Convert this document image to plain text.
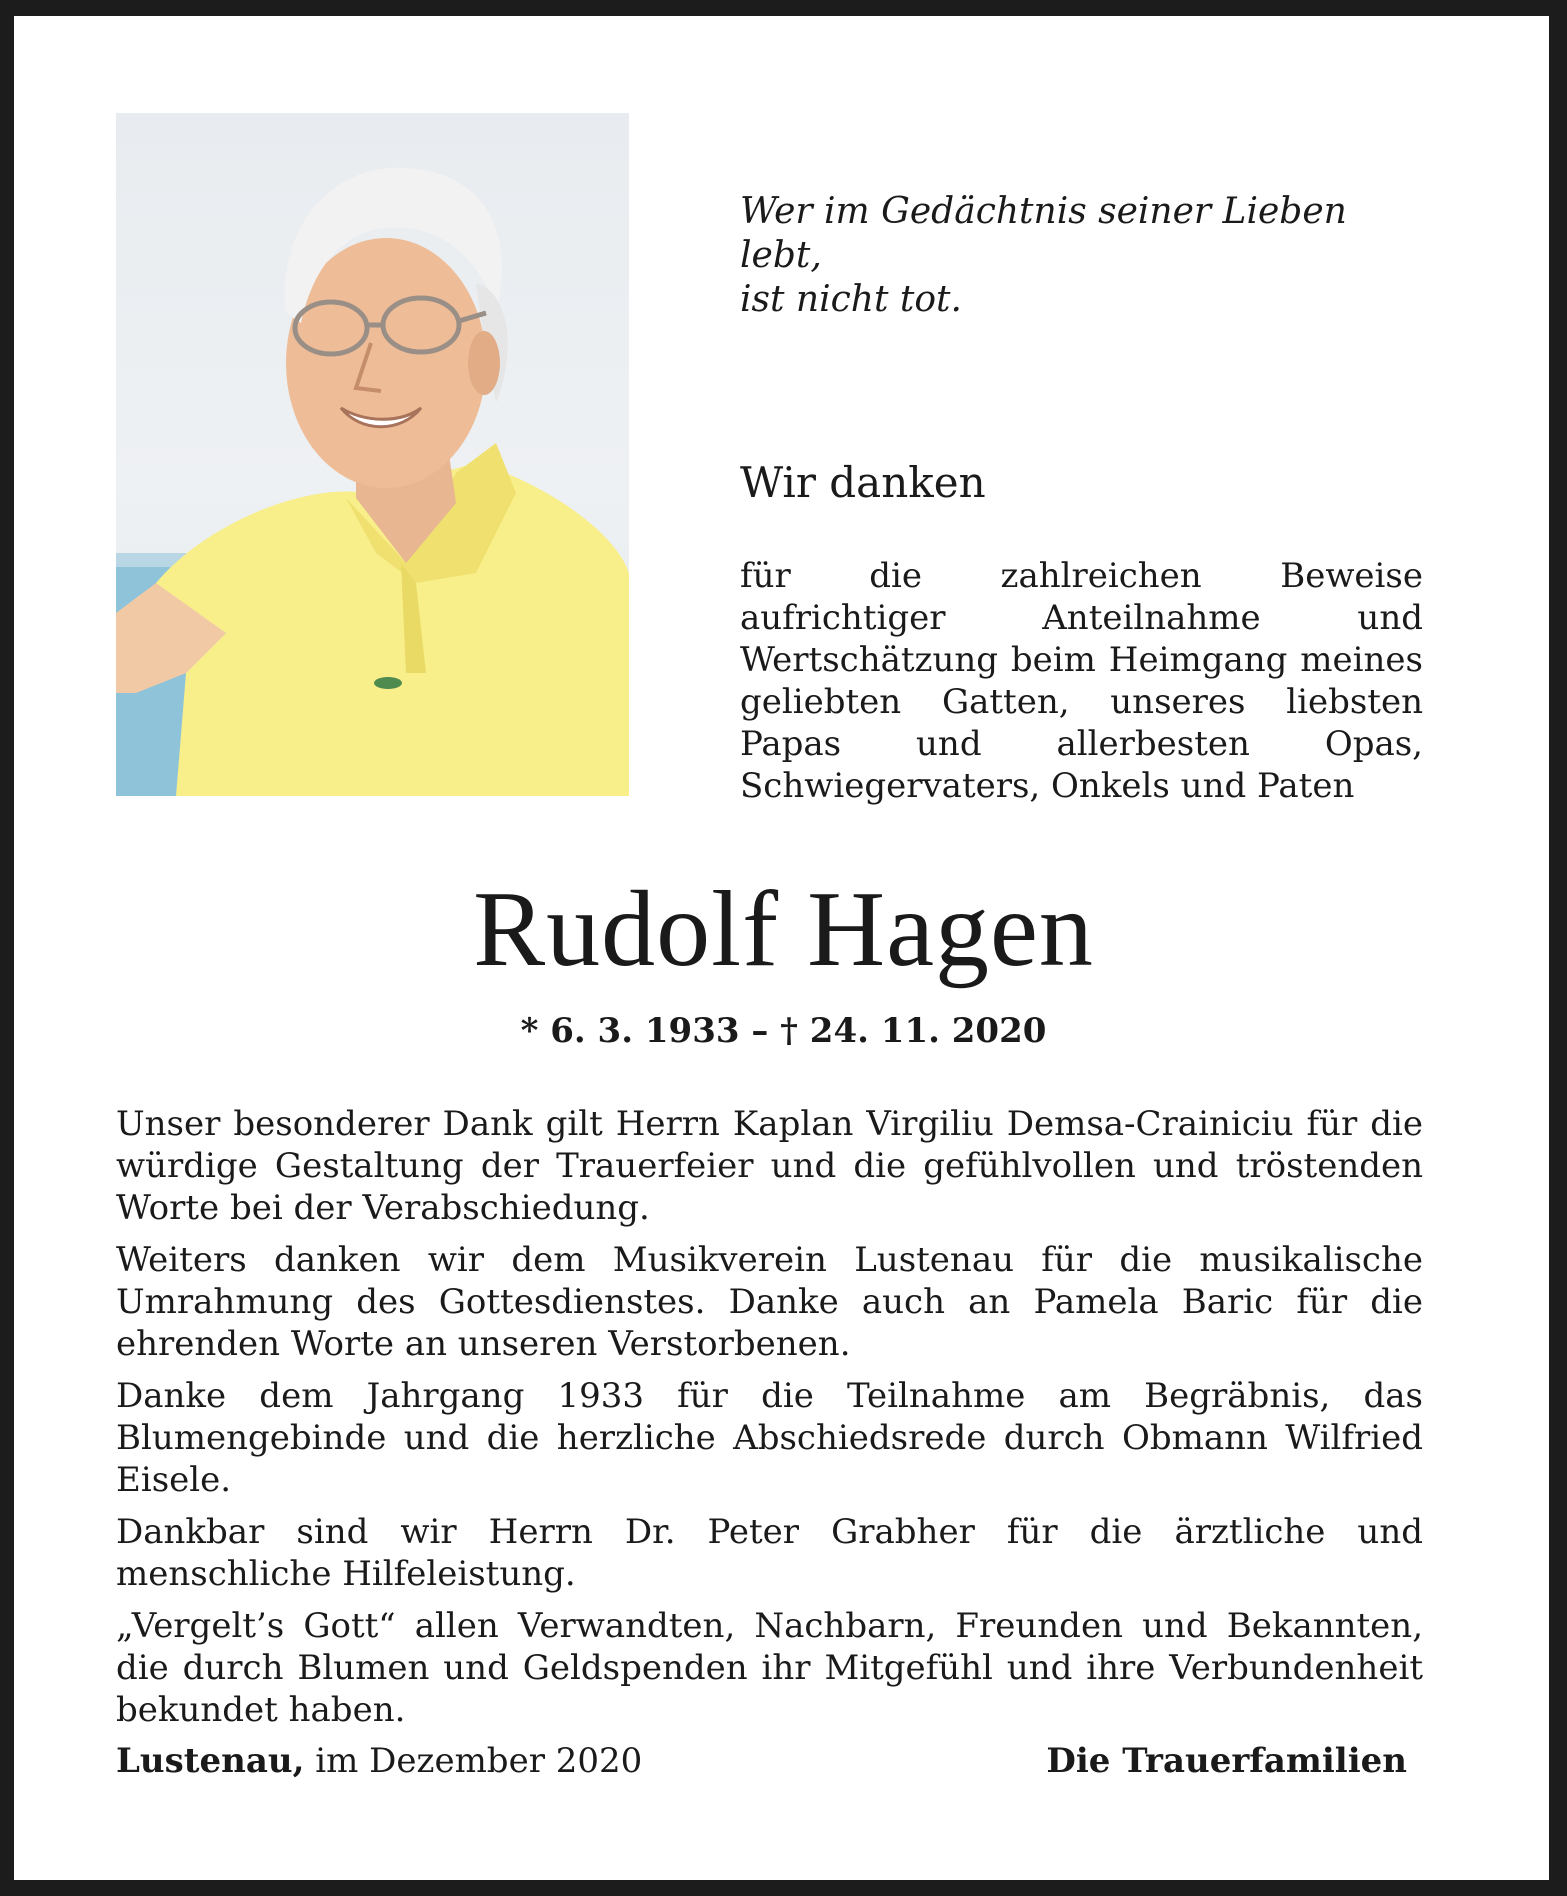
Wer im Gedächtnis seiner Lieben lebt,
ist nicht tot.
Wir danken

für die zahlreichen Beweise aufrichtiger Anteilnahme und Wertschätzung beim Heimgang meines geliebten Gatten, unseres liebsten Papas und allerbesten Opas, Schwiegervaters, Onkels und Paten

Rudolf Hagen
* 6. 3. 1933 – † 24. 11. 2020

Unser besonderer Dank gilt Herrn Kaplan Virgiliu Demsa-Crainiciu für die würdige Gestaltung der Trauerfeier und die gefühlvollen und tröstenden Worte bei der Verabschiedung.

Weiters danken wir dem Musikverein Lustenau für die musikalische Umrahmung des Gottesdienstes. Danke auch an Pamela Baric für die ehrenden Worte an unseren Verstorbenen.

Danke dem Jahrgang 1933 für die Teilnahme am Begräbnis, das Blumengebinde und die herzliche Abschiedsrede durch Obmann Wilfried Eisele.

Dankbar sind wir Herrn Dr. Peter Grabher für die ärztliche und menschliche Hilfeleistung.

„Vergelt’s Gott“ allen Verwandten, Nachbarn, Freunden und Bekannten, die durch Blumen und Geldspenden ihr Mitgefühl und ihre Verbundenheit bekundet haben.

Lustenau, im Dezember 2020	Die Trauerfamilien
